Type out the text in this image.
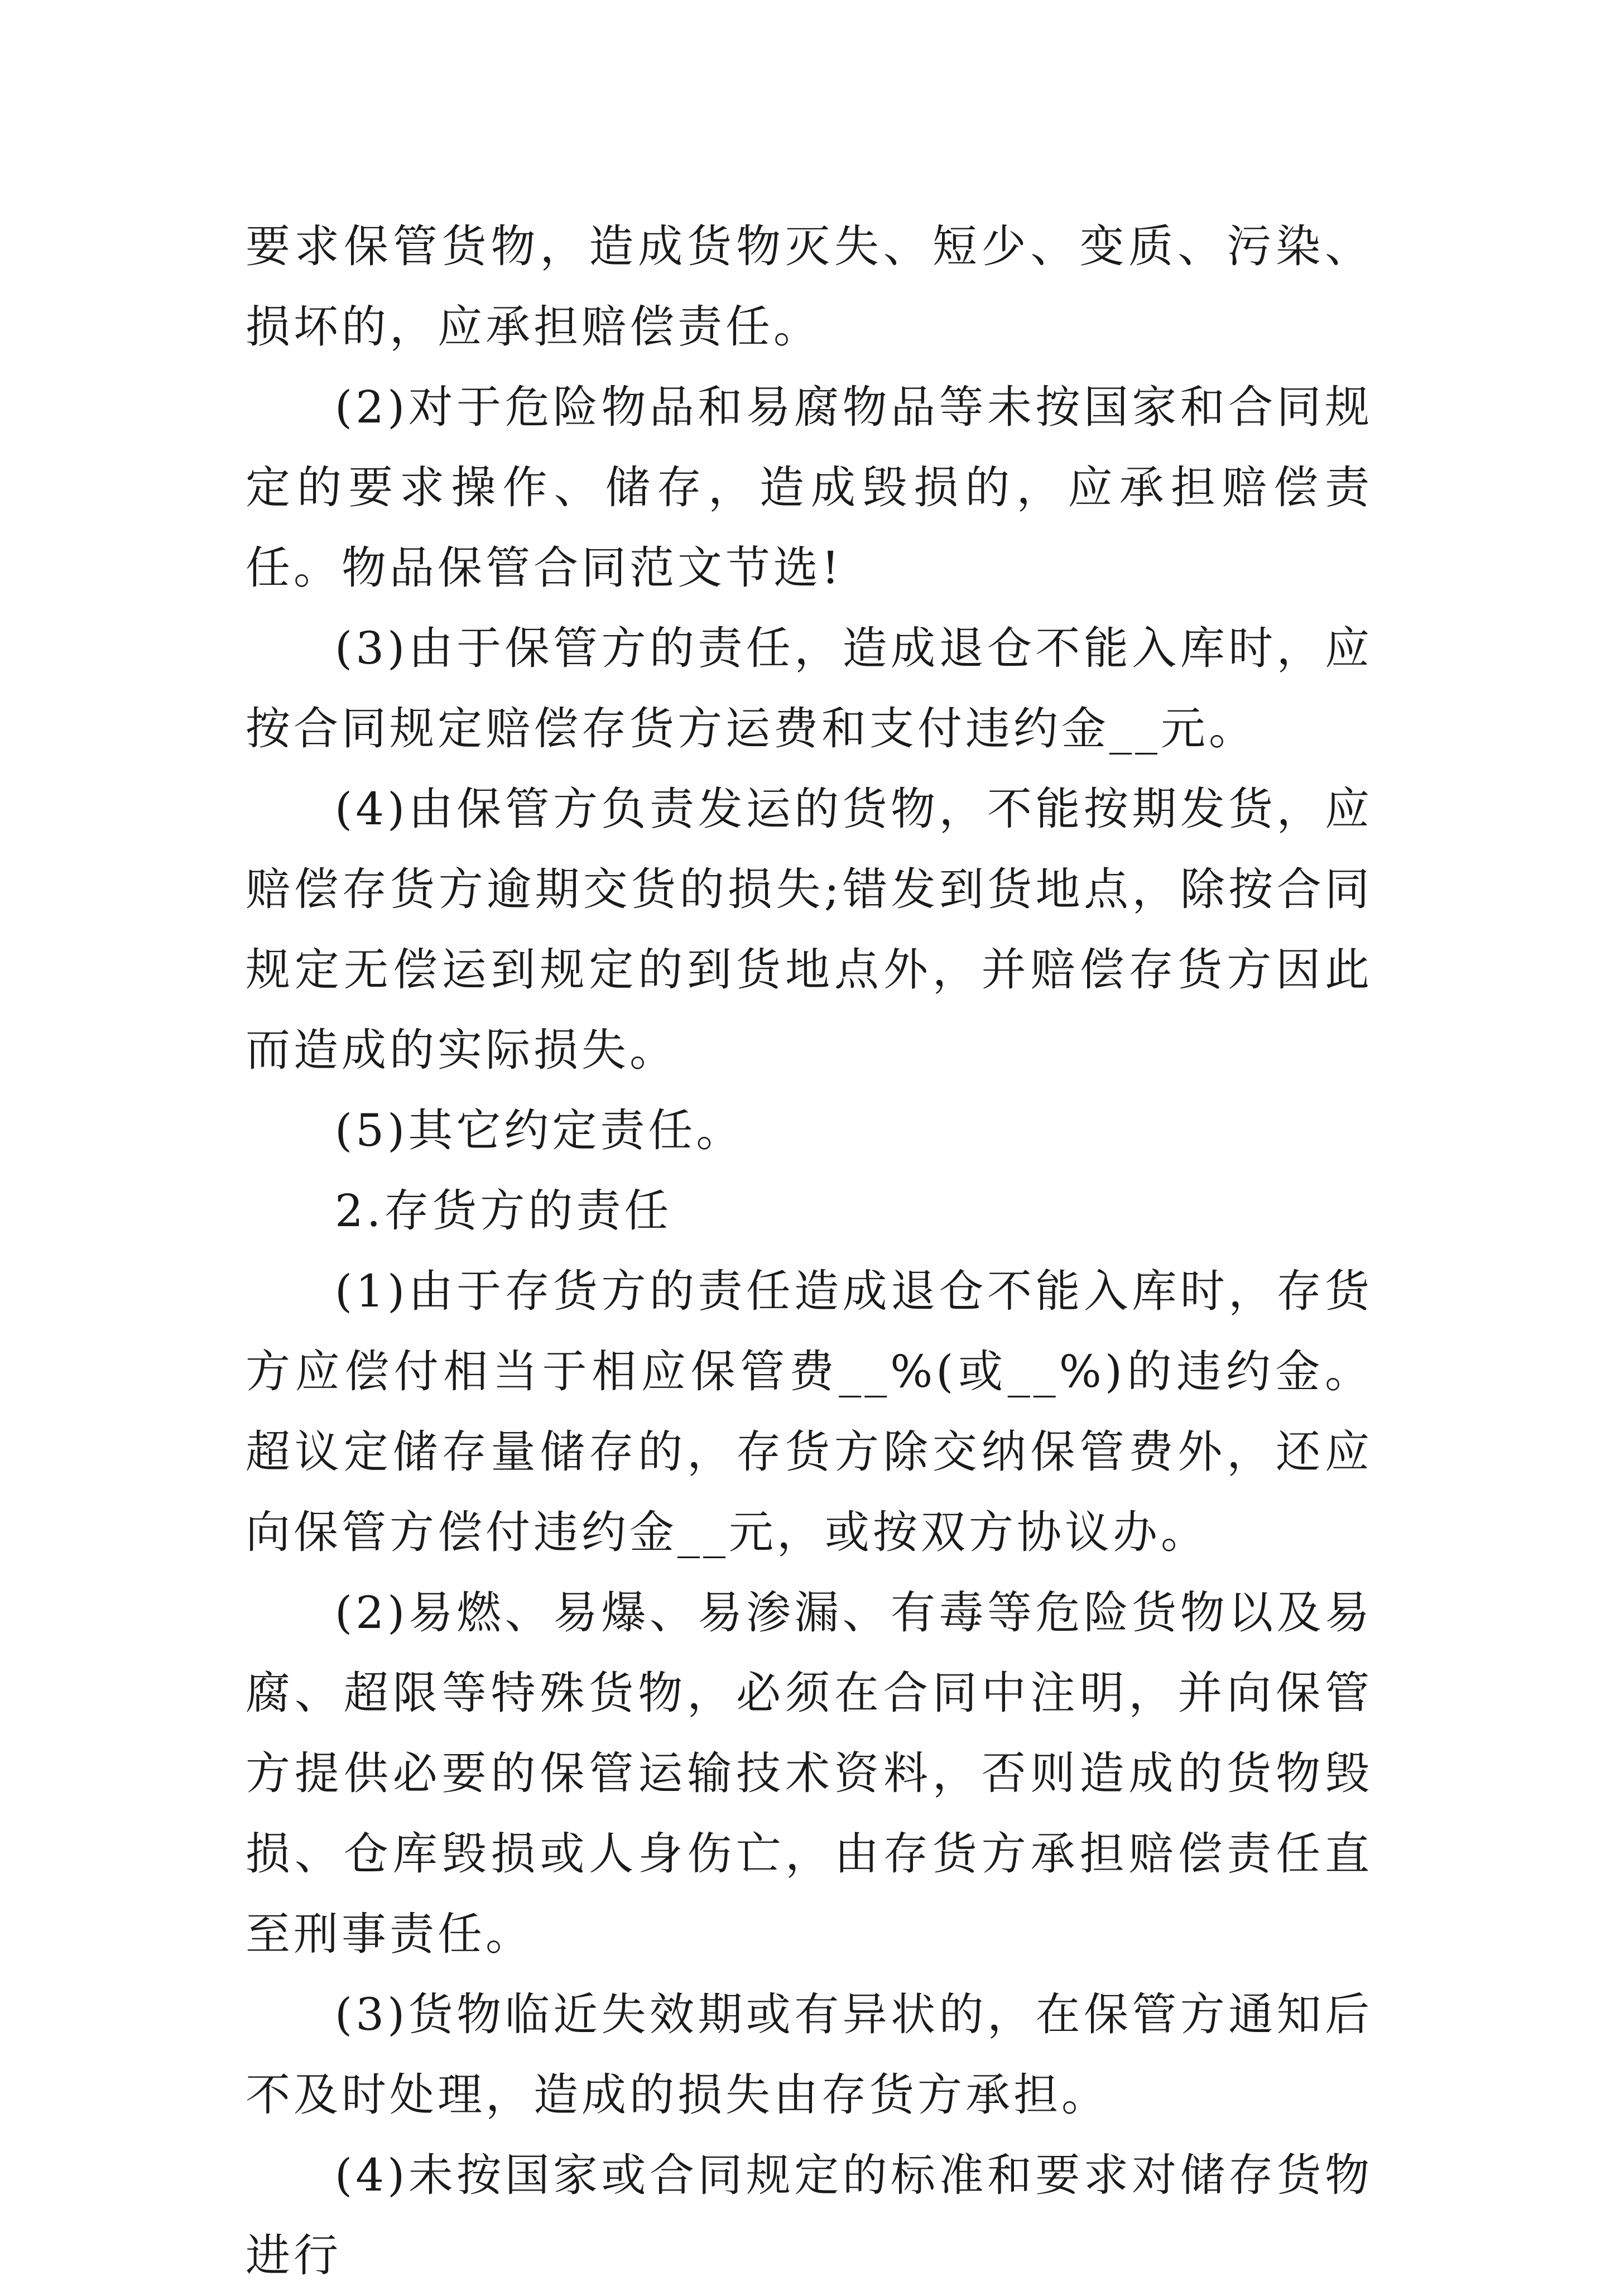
要求保管货物，造成货物灭失、短少、变质、污染、损坏的，应承担赔偿责任。

(2)对于危险物品和易腐物品等未按国家和合同规定的要求操作、储存，造成毁损的，应承担赔偿责任。物品保管合同范文节选!

(3)由于保管方的责任，造成退仓不能入库时，应按合同规定赔偿存货方运费和支付违约金__元。

(4)由保管方负责发运的货物，不能按期发货，应赔偿存货方逾期交货的损失;错发到货地点，除按合同规定无偿运到规定的到货地点外，并赔偿存货方因此而造成的实际损失。

(5)其它约定责任。

2.存货方的责任

(1)由于存货方的责任造成退仓不能入库时，存货方应偿付相当于相应保管费__%(或__%)的违约金。超议定储存量储存的，存货方除交纳保管费外，还应向保管方偿付违约金__元，或按双方协议办。

(2)易燃、易爆、易渗漏、有毒等危险货物以及易腐、超限等特殊货物，必须在合同中注明，并向保管方提供必要的保管运输技术资料，否则造成的货物毁损、仓库毁损或人身伤亡，由存货方承担赔偿责任直至刑事责任。

(3)货物临近失效期或有异状的，在保管方通知后不及时处理，造成的损失由存货方承担。

(4)未按国家或合同规定的标准和要求对储存货物进行
